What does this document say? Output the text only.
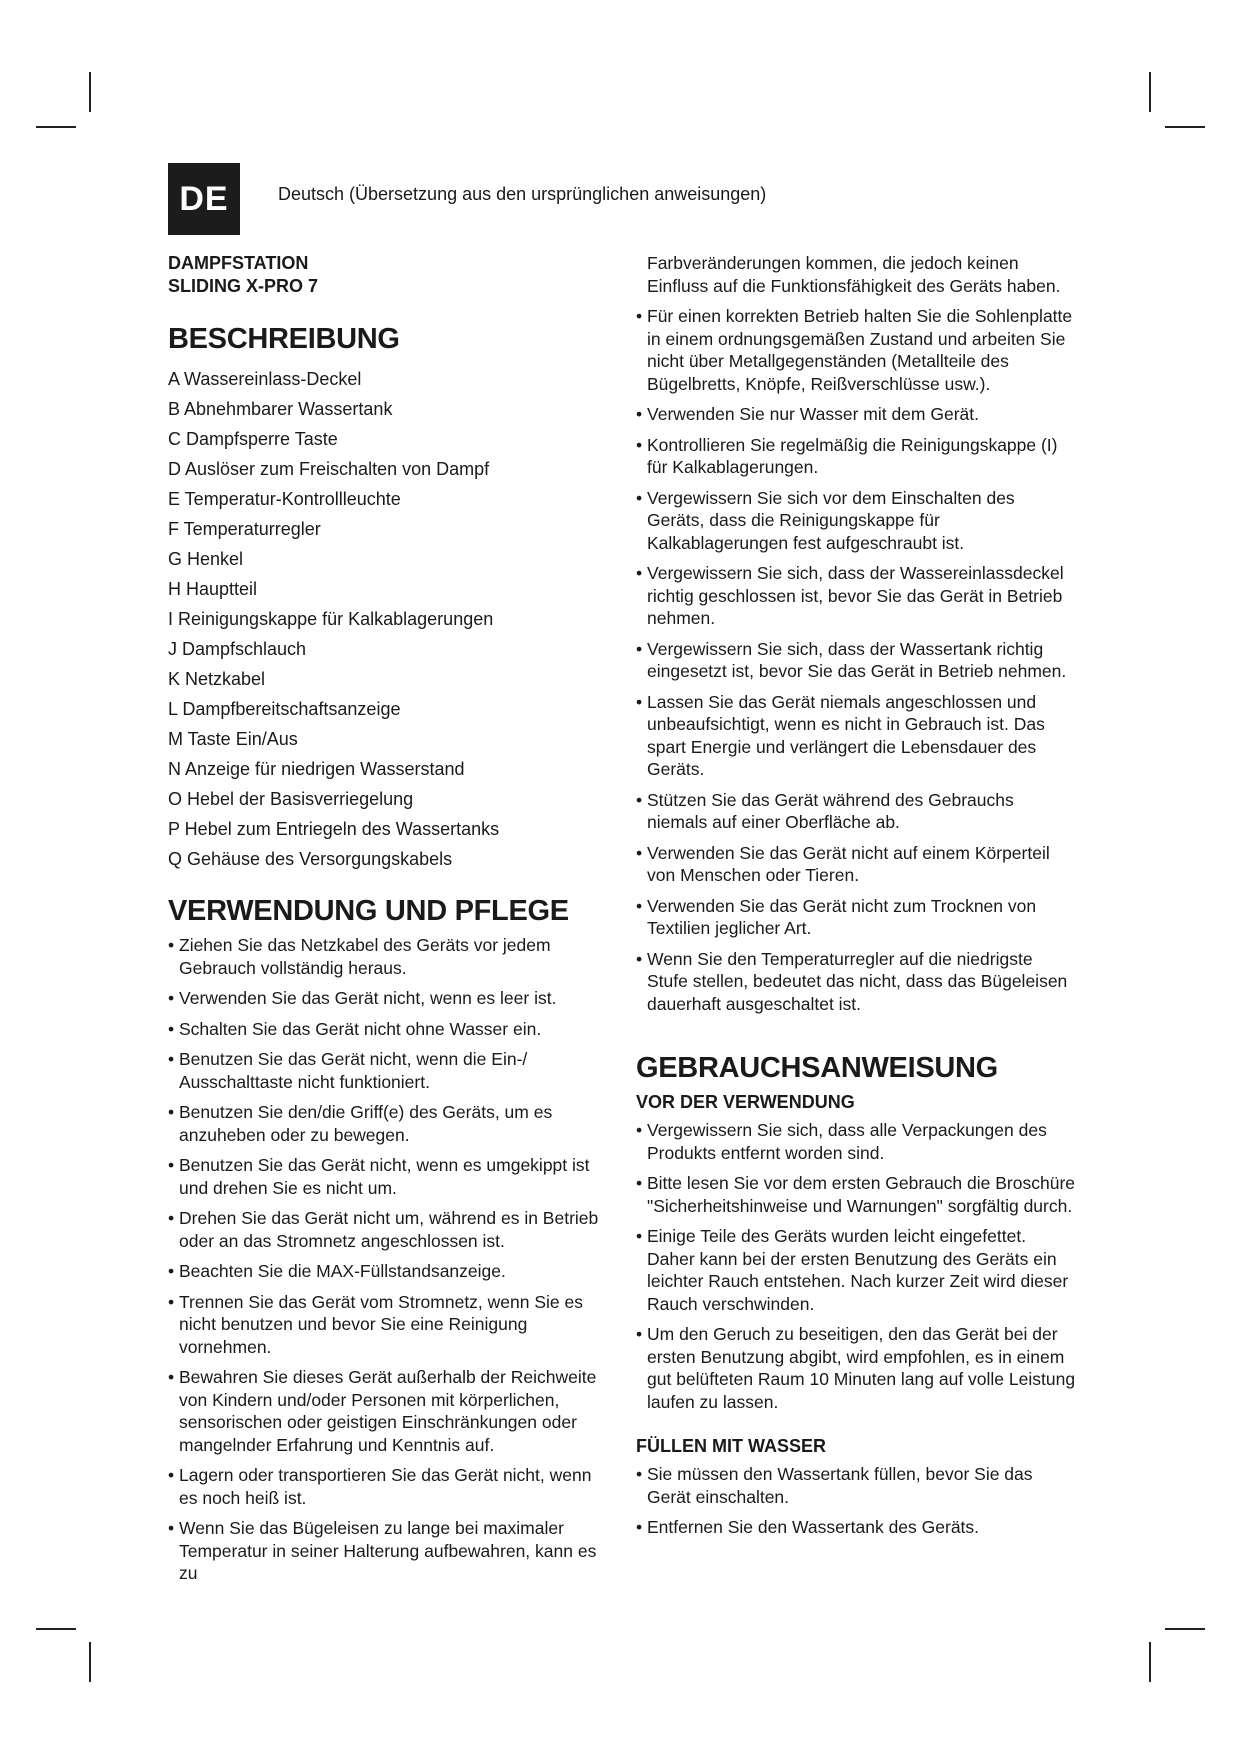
DE	Deutsch (Übersetzung aus den ursprünglichen anweisungen)

DAMPFSTATION
SLIDING X-PRO 7

BESCHREIBUNG
A Wassereinlass-Deckel
B Abnehmbarer Wassertank
C Dampfsperre Taste
D Auslöser zum Freischalten von Dampf
E Temperatur-Kontrollleuchte
F Temperaturregler
G Henkel
H Hauptteil
I Reinigungskappe für Kalkablagerungen
J Dampfschlauch
K Netzkabel
L Dampfbereitschaftsanzeige
M Taste Ein/Aus
N Anzeige für niedrigen Wasserstand
O Hebel der Basisverriegelung
P Hebel zum Entriegeln des Wassertanks
Q Gehäuse des Versorgungskabels
VERWENDUNG UND PFLEGE
• Ziehen Sie das Netzkabel des Geräts vor jedem Gebrauch vollständig heraus.
• Verwenden Sie das Gerät nicht, wenn es leer ist.
• Schalten Sie das Gerät nicht ohne Wasser ein.
• Benutzen Sie das Gerät nicht, wenn die Ein-/ Ausschalttaste nicht funktioniert.
• Benutzen Sie den/die Griff(e) des Geräts, um es anzuheben oder zu bewegen.
• Benutzen Sie das Gerät nicht, wenn es umgekippt ist und drehen Sie es nicht um.
• Drehen Sie das Gerät nicht um, während es in Betrieb oder an das Stromnetz angeschlossen ist.
• Beachten Sie die MAX-Füllstandsanzeige.
• Trennen Sie das Gerät vom Stromnetz, wenn Sie es nicht benutzen und bevor Sie eine Reinigung vornehmen.
• Bewahren Sie dieses Gerät außerhalb der Reichweite von Kindern und/oder Personen mit körperlichen, sensorischen oder geistigen Einschränkungen oder mangelnder Erfahrung und Kenntnis auf.
• Lagern oder transportieren Sie das Gerät nicht, wenn es noch heiß ist.
• Wenn Sie das Bügeleisen zu lange bei maximaler Temperatur in seiner Halterung aufbewahren, kann es zu

Farbveränderungen kommen, die jedoch keinen Einfluss auf die Funktionsfähigkeit des Geräts haben.

• Für einen korrekten Betrieb halten Sie die Sohlenplatte in einem ordnungsgemäßen Zustand und arbeiten Sie nicht über Metallgegenständen (Metallteile des Bügelbretts, Knöpfe, Reißverschlüsse usw.).
• Verwenden Sie nur Wasser mit dem Gerät.
• Kontrollieren Sie regelmäßig die Reinigungskappe (I) für Kalkablagerungen.
• Vergewissern Sie sich vor dem Einschalten des Geräts, dass die Reinigungskappe für Kalkablagerungen fest aufgeschraubt ist.
• Vergewissern Sie sich, dass der Wassereinlassdeckel richtig geschlossen ist, bevor Sie das Gerät in Betrieb nehmen.
• Vergewissern Sie sich, dass der Wassertank richtig eingesetzt ist, bevor Sie das Gerät in Betrieb nehmen.
• Lassen Sie das Gerät niemals angeschlossen und unbeaufsichtigt, wenn es nicht in Gebrauch ist. Das spart Energie und verlängert die Lebensdauer des Geräts.
• Stützen Sie das Gerät während des Gebrauchs niemals auf einer Oberfläche ab.
• Verwenden Sie das Gerät nicht auf einem Körperteil von Menschen oder Tieren.
• Verwenden Sie das Gerät nicht zum Trocknen von Textilien jeglicher Art.
• Wenn Sie den Temperaturregler auf die niedrigste Stufe stellen, bedeutet das nicht, dass das Bügeleisen dauerhaft ausgeschaltet ist.
GEBRAUCHSANWEISUNG
VOR DER VERWENDUNG
• Vergewissern Sie sich, dass alle Verpackungen des Produkts entfernt worden sind.
• Bitte lesen Sie vor dem ersten Gebrauch die Broschüre "Sicherheitshinweise und Warnungen" sorgfältig durch.
• Einige Teile des Geräts wurden leicht eingefettet. Daher kann bei der ersten Benutzung des Geräts ein leichter Rauch entstehen. Nach kurzer Zeit wird dieser Rauch verschwinden.
• Um den Geruch zu beseitigen, den das Gerät bei der ersten Benutzung abgibt, wird empfohlen, es in einem gut belüfteten Raum 10 Minuten lang auf volle Leistung laufen zu lassen.
FÜLLEN MIT WASSER
• Sie müssen den Wassertank füllen, bevor Sie das Gerät einschalten.
• Entfernen Sie den Wassertank des Geräts.
